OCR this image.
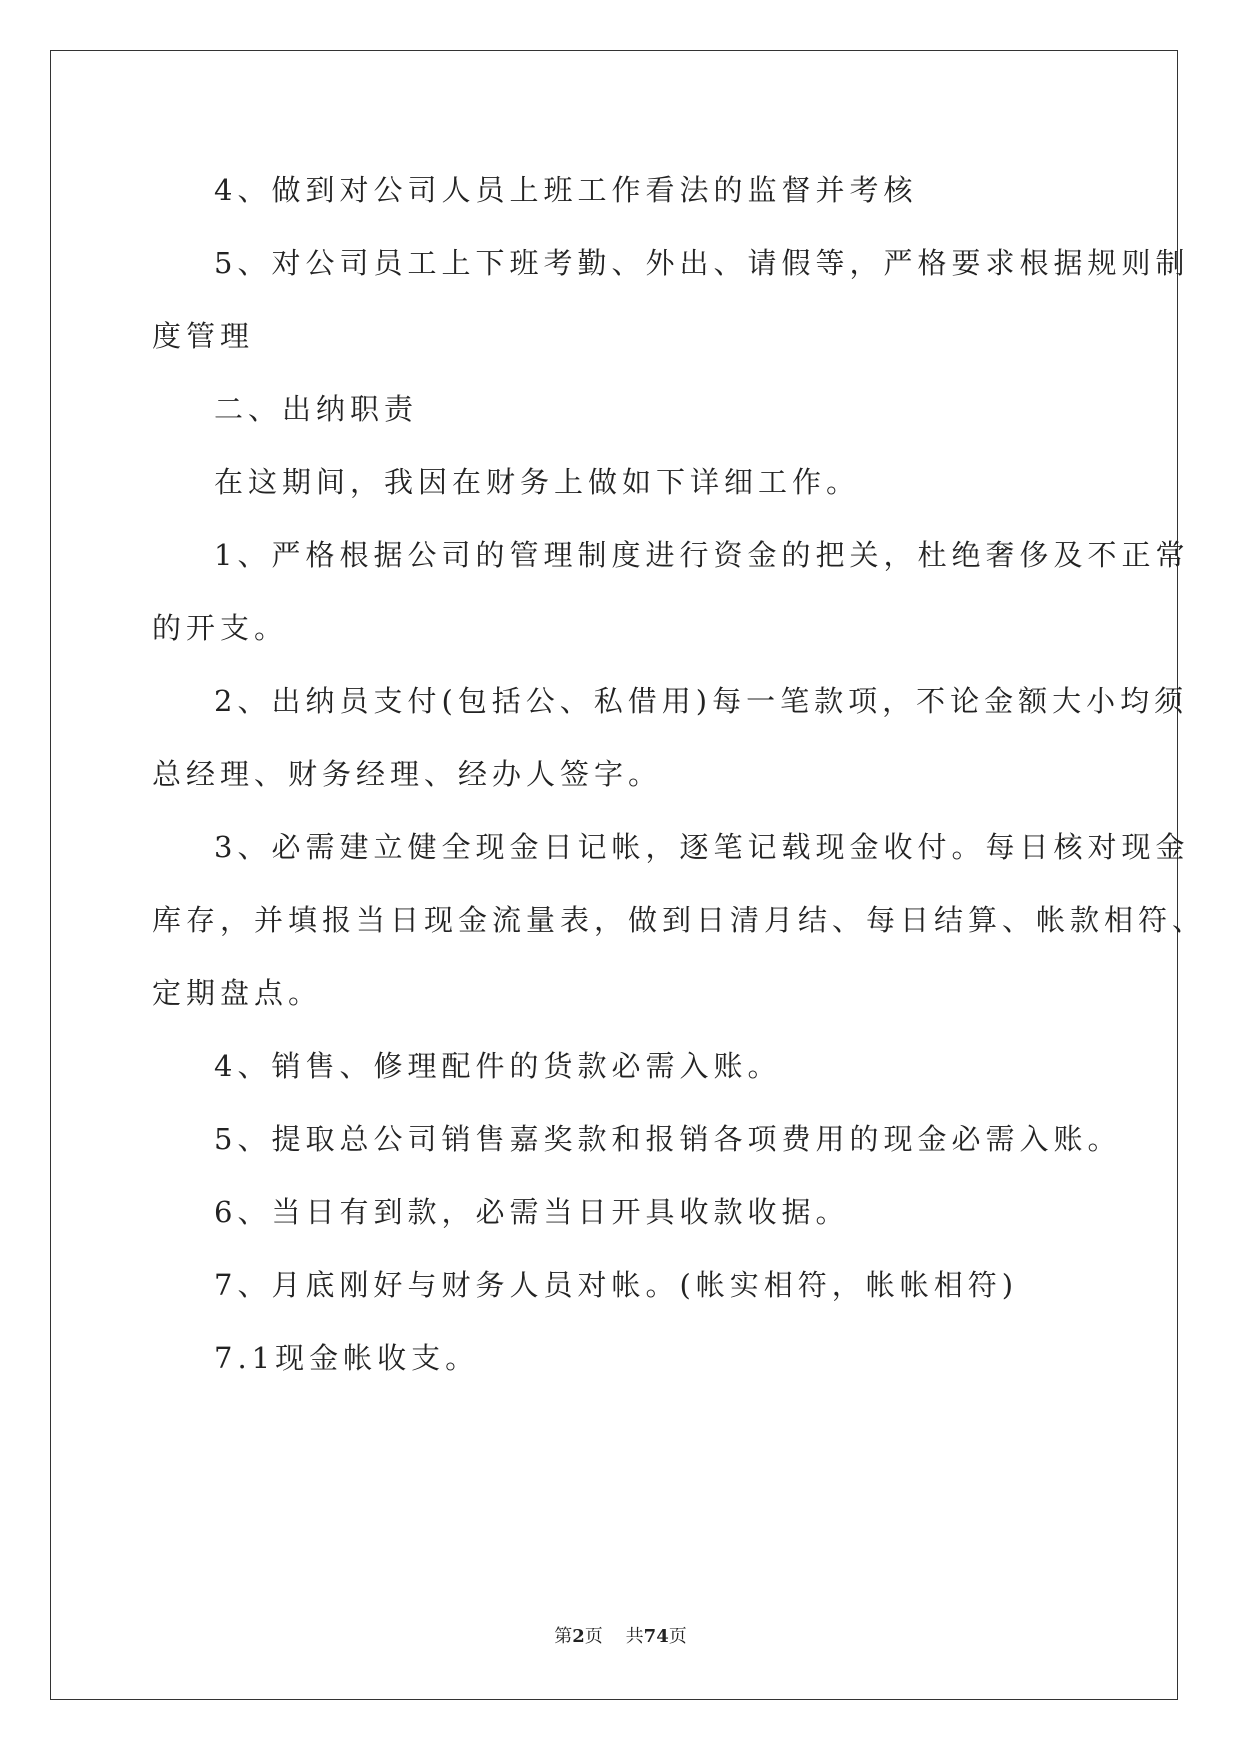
4、做到对公司人员上班工作看法的监督并考核
5、对公司员工上下班考勤、外出、请假等，严格要求根据规则制
度管理
二、出纳职责
在这期间，我因在财务上做如下详细工作。
1、严格根据公司的管理制度进行资金的把关，杜绝奢侈及不正常
的开支。
2、出纳员支付(包括公、私借用)每一笔款项，不论金额大小均须
总经理、财务经理、经办人签字。
3、必需建立健全现金日记帐，逐笔记载现金收付。每日核对现金
库存，并填报当日现金流量表，做到日清月结、每日结算、帐款相符、
定期盘点。
4、销售、修理配件的货款必需入账。
5、提取总公司销售嘉奖款和报销各项费用的现金必需入账。
6、当日有到款，必需当日开具收款收据。
7、月底刚好与财务人员对帐。(帐实相符，帐帐相符)
7.1现金帐收支。
第2页 共74页
